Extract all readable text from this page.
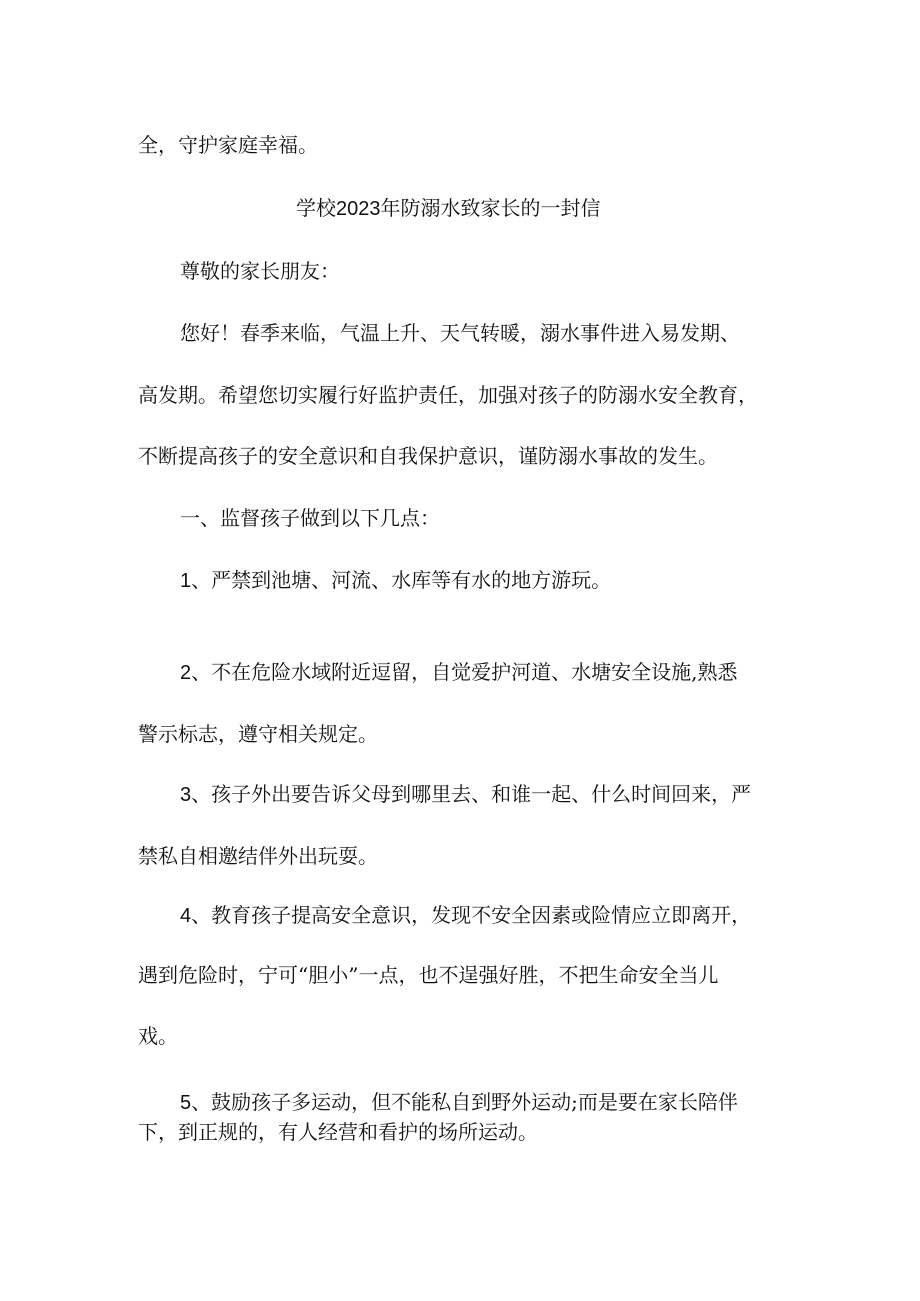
全，守护家庭幸福。
学校2023年防溺水致家长的一封信
尊敬的家长朋友：
您好！春季来临，气温上升、天气转暖，溺水事件进入易发期、
高发期。希望您切实履行好监护责任，加强对孩子的防溺水安全教育，
不断提高孩子的安全意识和自我保护意识，谨防溺水事故的发生。
一、监督孩子做到以下几点：
1、严禁到池塘、河流、水库等有水的地方游玩。
2、不在危险水域附近逗留，自觉爱护河道、水塘安全设施,熟悉
警示标志，遵守相关规定。
3、孩子外出要告诉父母到哪里去、和谁一起、什么时间回来，严
禁私自相邀结伴外出玩耍。
4、教育孩子提高安全意识，发现不安全因素或险情应立即离开，
遇到危险时，宁可“胆小”一点，也不逞强好胜，不把生命安全当儿
戏。
5、鼓励孩子多运动，但不能私自到野外运动;而是要在家长陪伴
下，到正规的，有人经营和看护的场所运动。
